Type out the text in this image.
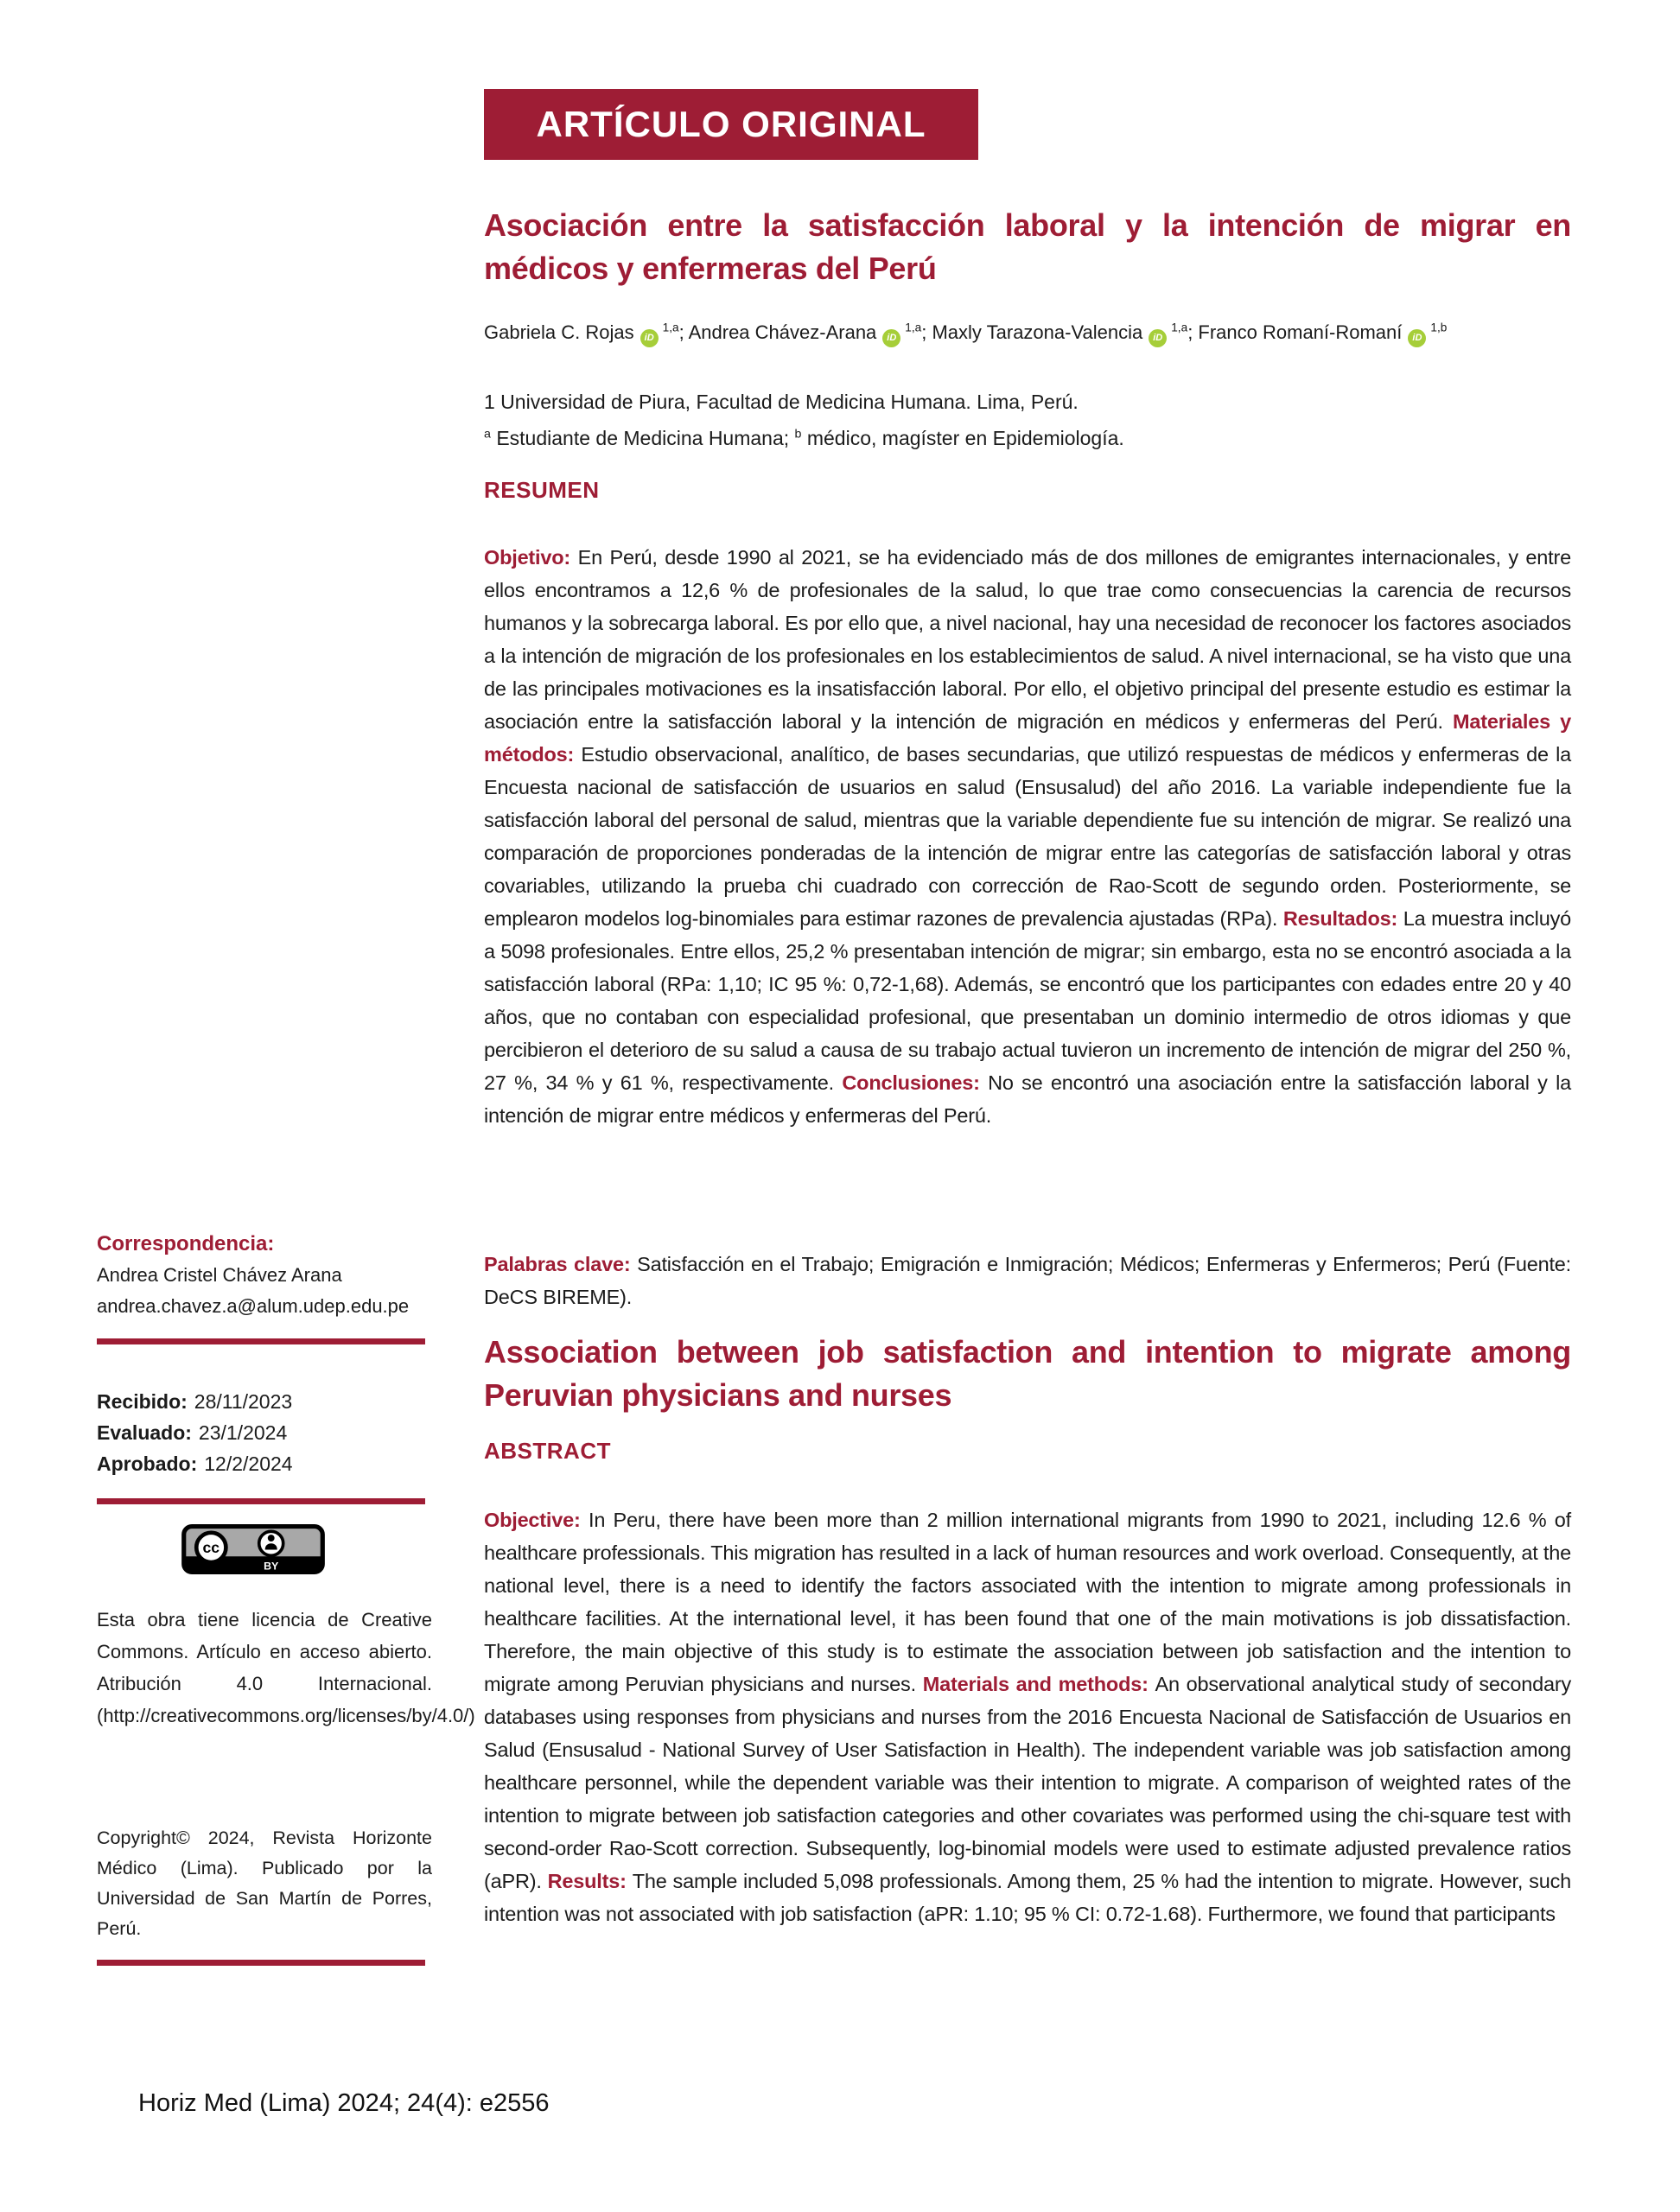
ARTÍCULO ORIGINAL
Asociación entre la satisfacción laboral y la intención de migrar en médicos y enfermeras del Perú
Gabriela C. Rojas iD$^{1,a}$; Andrea Chávez-Arana iD$^{1,a}$; Maxly Tarazona-Valencia iD$^{1,a}$; Franco Romaní-Romaní iD$^{1,b}$
1 Universidad de Piura, Facultad de Medicina Humana. Lima, Perú.
$^a$ Estudiante de Medicina Humana; $^b$ médico, magíster en Epidemiología.
RESUMEN

Objetivo: En Perú, desde 1990 al 2021, se ha evidenciado más de dos millones de emigrantes internacionales, y entre ellos encontramos a 12,6 % de profesionales de la salud, lo que trae como consecuencias la carencia de recursos humanos y la sobrecarga laboral. Es por ello que, a nivel nacional, hay una necesidad de reconocer los factores asociados a la intención de migración de los profesionales en los establecimientos de salud. A nivel internacional, se ha visto que una de las principales motivaciones es la insatisfacción laboral. Por ello, el objetivo principal del presente estudio es estimar la asociación entre la satisfacción laboral y la intención de migración en médicos y enfermeras del Perú. Materiales y métodos: Estudio observacional, analítico, de bases secundarias, que utilizó respuestas de médicos y enfermeras de la Encuesta nacional de satisfacción de usuarios en salud (Ensusalud) del año 2016. La variable independiente fue la satisfacción laboral del personal de salud, mientras que la variable dependiente fue su intención de migrar. Se realizó una comparación de proporciones ponderadas de la intención de migrar entre las categorías de satisfacción laboral y otras covariables, utilizando la prueba chi cuadrado con corrección de Rao-Scott de segundo orden. Posteriormente, se emplearon modelos log-binomiales para estimar razones de prevalencia ajustadas (RPa). Resultados: La muestra incluyó a 5098 profesionales. Entre ellos, 25,2 % presentaban intención de migrar; sin embargo, esta no se encontró asociada a la satisfacción laboral (RPa: 1,10; IC 95 %: 0,72-1,68). Además, se encontró que los participantes con edades entre 20 y 40 años, que no contaban con especialidad profesional, que presentaban un dominio intermedio de otros idiomas y que percibieron el deterioro de su salud a causa de su trabajo actual tuvieron un incremento de intención de migrar del 250 %, 27 %, 34 % y 61 %, respectivamente. Conclusiones: No se encontró una asociación entre la satisfacción laboral y la intención de migrar entre médicos y enfermeras del Perú.

Palabras clave: Satisfacción en el Trabajo; Emigración e Inmigración; Médicos; Enfermeras y Enfermeros; Perú (Fuente: DeCS BIREME).

Association between job satisfaction and intention to migrate among Peruvian physicians and nurses
ABSTRACT

Objective: In Peru, there have been more than 2 million international migrants from 1990 to 2021, including 12.6 % of healthcare professionals. This migration has resulted in a lack of human resources and work overload. Consequently, at the national level, there is a need to identify the factors associated with the intention to migrate among professionals in healthcare facilities. At the international level, it has been found that one of the main motivations is job dissatisfaction. Therefore, the main objective of this study is to estimate the association between job satisfaction and the intention to migrate among Peruvian physicians and nurses. Materials and methods: An observational analytical study of secondary databases using responses from physicians and nurses from the 2016 Encuesta Nacional de Satisfacción de Usuarios en Salud (Ensusalud - National Survey of User Satisfaction in Health). The independent variable was job satisfaction among healthcare personnel, while the dependent variable was their intention to migrate. A comparison of weighted rates of the intention to migrate between job satisfaction categories and other covariates was performed using the chi-square test with second-order Rao-Scott correction. Subsequently, log-binomial models were used to estimate adjusted prevalence ratios (aPR). Results: The sample included 5,098 professionals. Among them, 25 % had the intention to migrate. However, such intention was not associated with job satisfaction (aPR: 1.10; 95 % CI: 0.72-1.68). Furthermore, we found that participants

Correspondencia:
Andrea Cristel Chávez Arana
andrea.chavez.a@alum.udep.edu.pe
Recibido: 28/11/2023
Evaluado: 23/1/2024
Aprobado: 12/2/2024
cc
BY

Esta obra tiene licencia de Creative Commons. Artículo en acceso abierto. Atribución 4.0 Internacional. (http://creativecommons.org/licenses/by/4.0/)

Copyright© 2024, Revista Horizonte Médico (Lima). Publicado por la Universidad de San Martín de Porres, Perú.

Horiz Med (Lima) 2024; 24(4): e2556
